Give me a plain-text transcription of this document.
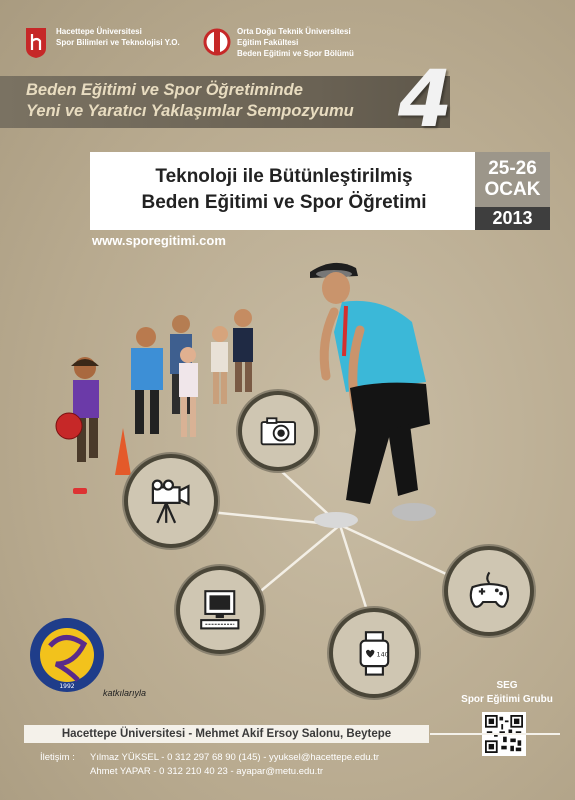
Hacettepe Üniversitesi
Spor Bilimleri ve Teknolojisi Y.O.
Orta Doğu Teknik Üniversitesi
Eğitim Fakültesi
Beden Eğitimi ve Spor Bölümü
Beden Eğitimi ve Spor Öğretiminde
Yeni ve Yaratıcı Yaklaşımlar Sempozyumu 4
Teknoloji ile Bütünleştirilmiş
Beden Eğitimi ve Spor Öğretimi
25-26
OCAK
2013
www.sporegitimi.com
140
1992
katkılarıyla
SEG
Spor Eğitimi Grubu
Hacettepe Üniversitesi - Mehmet Akif Ersoy Salonu, Beytepe
İletişim : Yılmaz YÜKSEL - 0 312 297 68 90 (145) - yyuksel@hacettepe.edu.tr
Ahmet YAPAR - 0 312 210 40 23 - ayapar@metu.edu.tr
